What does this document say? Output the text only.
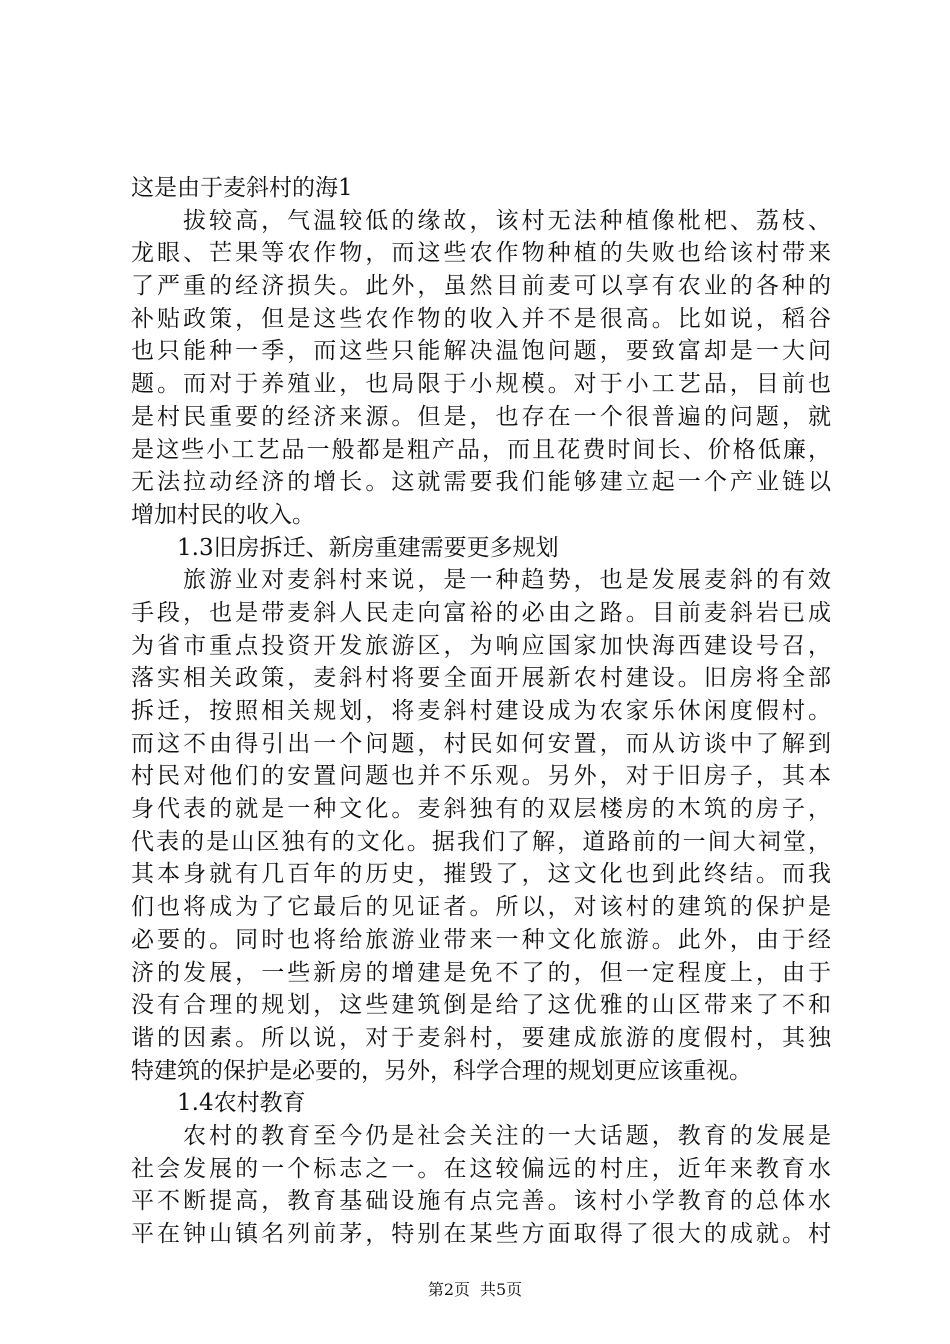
这是由于麦斜村的海1
拔较高，气温较低的缘故，该村无法种植像枇杷、荔枝、
龙眼、芒果等农作物，而这些农作物种植的失败也给该村带来
了严重的经济损失。此外，虽然目前麦可以享有农业的各种的
补贴政策，但是这些农作物的收入并不是很高。比如说，稻谷
也只能种一季，而这些只能解决温饱问题，要致富却是一大问
题。而对于养殖业，也局限于小规模。对于小工艺品，目前也
是村民重要的经济来源。但是，也存在一个很普遍的问题，就
是这些小工艺品一般都是粗产品，而且花费时间长、价格低廉，
无法拉动经济的增长。这就需要我们能够建立起一个产业链以
增加村民的收入。
1.3旧房拆迁、新房重建需要更多规划
旅游业对麦斜村来说，是一种趋势，也是发展麦斜的有效
手段，也是带麦斜人民走向富裕的必由之路。目前麦斜岩已成
为省市重点投资开发旅游区，为响应国家加快海西建设号召，
落实相关政策，麦斜村将要全面开展新农村建设。旧房将全部
拆迁，按照相关规划，将麦斜村建设成为农家乐休闲度假村。
而这不由得引出一个问题，村民如何安置，而从访谈中了解到
村民对他们的安置问题也并不乐观。另外，对于旧房子，其本
身代表的就是一种文化。麦斜独有的双层楼房的木筑的房子，
代表的是山区独有的文化。据我们了解，道路前的一间大祠堂，
其本身就有几百年的历史，摧毁了，这文化也到此终结。而我
们也将成为了它最后的见证者。所以，对该村的建筑的保护是
必要的。同时也将给旅游业带来一种文化旅游。此外，由于经
济的发展，一些新房的增建是免不了的，但一定程度上，由于
没有合理的规划，这些建筑倒是给了这优雅的山区带来了不和
谐的因素。所以说，对于麦斜村，要建成旅游的度假村，其独
特建筑的保护是必要的，另外，科学合理的规划更应该重视。
1.4农村教育
农村的教育至今仍是社会关注的一大话题，教育的发展是
社会发展的一个标志之一。在这较偏远的村庄，近年来教育水
平不断提高，教育基础设施有点完善。该村小学教育的总体水
平在钟山镇名列前茅，特别在某些方面取得了很大的成就。村
第2页 共5页
